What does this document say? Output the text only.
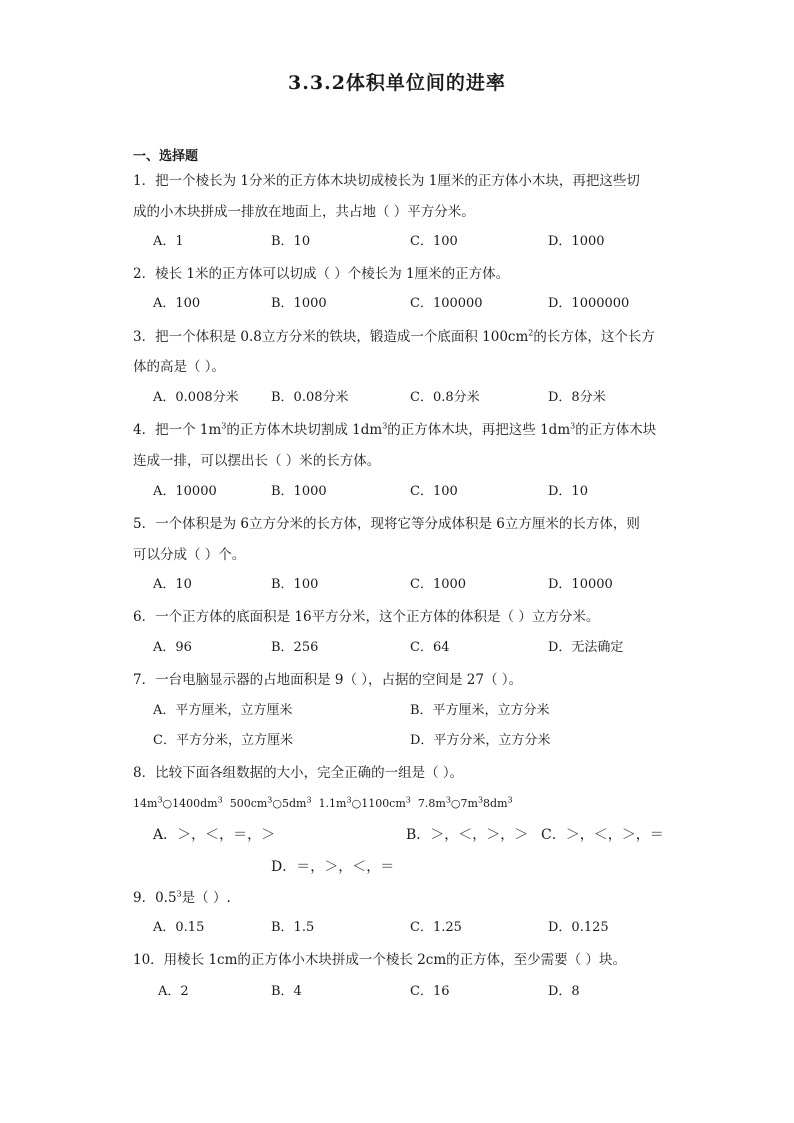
3.3.2体积单位间的进率
一、选择题
1．把一个棱长为 1分米的正方体木块切成棱长为 1厘米的正方体小木块，再把这些切
成的小木块拼成一排放在地面上，共占地（ ）平方分米。
A．1	B．10	C．100	D．1000
2．棱长 1米的正方体可以切成（ ）个棱长为 1厘米的正方体。
A．100	B．1000	C．100000	D．1000000
3．把一个体积是 0.8立方分米的铁块，锻造成一个底面积 $100cm^2$的长方体，这个长方
体的高是（ ）。
A．0.008分米 B．0.08分米	C．0.8分米	D．8分米
4．把一个 $1m^3$的正方体木块切割成 $1dm^3$的正方体木块，再把这些 $1dm^3$的正方体木块
连成一排，可以摆出长（ ）米的长方体。
A．10000	B．1000	C．100	D．10
5．一个体积是为 6立方分米的长方体，现将它等分成体积是 6立方厘米的长方体，则
可以分成（ ）个。
A．10	B．100	C．1000	D．10000
6．一个正方体的底面积是 16平方分米，这个正方体的体积是（ ）立方分米。
A．96	B．256	C．64	D．无法确定
7．一台电脑显示器的占地面积是 9（ ），占据的空间是 27（ ）。
A．平方厘米，立方厘米	B．平方厘米，立方分米
C．平方分米，立方厘米	D．平方分米，立方分米
8．比较下面各组数据的大小，完全正确的一组是（ ）。
$14m^3○1400dm^3$ $500cm^3○5dm^3$ $1.1m^3○1100cm^3$ $7.8m^3○7m^38dm^3$
A．＞，＜，＝，＞	B．＞，＜，＞，＞ C．＞，＜，＞，＝
D．＝，＞，＜，＝
9．$0.5^3$是（ ）.
A．0.15	B．1.5	C．1.25	D．0.125
10．用棱长 1cm的正方体小木块拼成一个棱长 2cm的正方体，至少需要（ ）块。
A．2	B．4	C．16	D．8
